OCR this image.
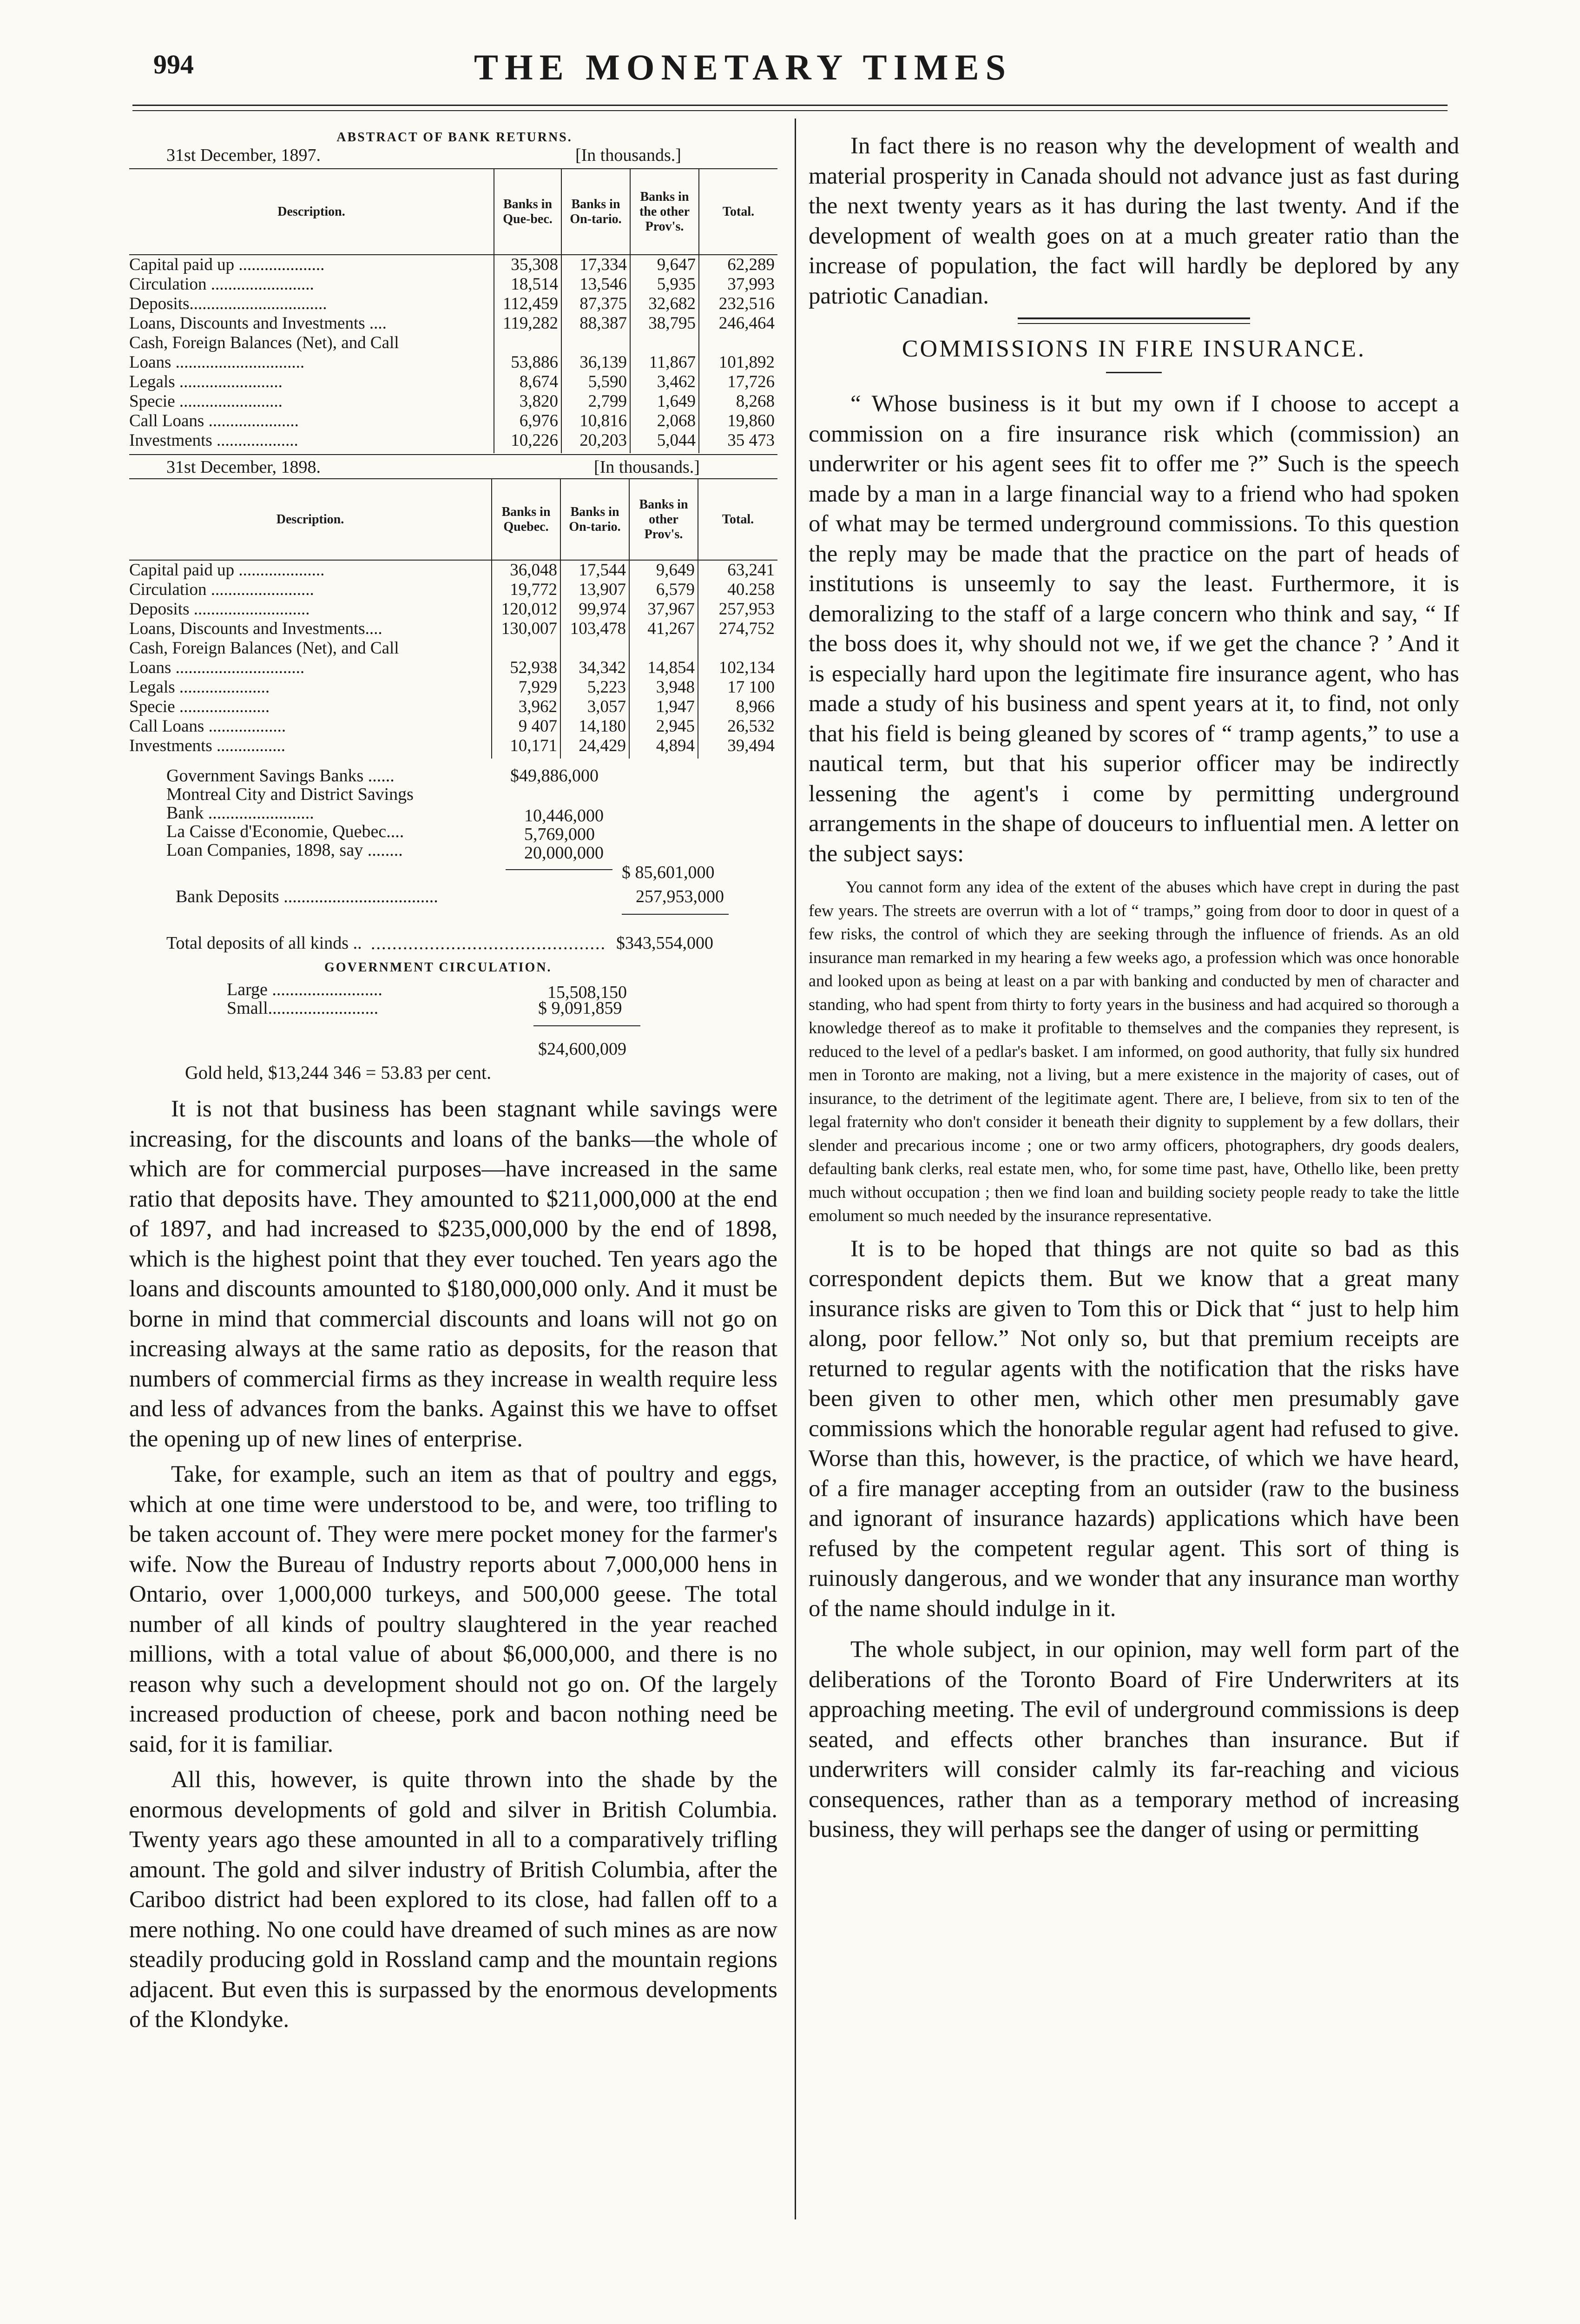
994	THE MONETARY TIMES
ABSTRACT OF BANK RETURNS.
31st December, 1897.	[In thousands.]
Description.	Banks in Que-bec.	Banks in On-tario.	Banks in the other Prov's.	Total.
Capital paid up ....................	35,308	17,334	9,647	62,289
Circulation ........................	18,514	13,546	5,935	37,993
Deposits................................	112,459	87,375	32,682	232,516
Loans, Discounts and Investments ....	119,282	88,387	38,795	246,464
Cash, Foreign Balances (Net), and Call				
Loans ..............................	53,886	36,139	11,867	101,892
Legals ........................	8,674	5,590	3,462	17,726
Specie ........................	3,820	2,799	1,649	8,268
Call Loans .....................	6,976	10,816	2,068	19,860
Investments ...................	10,226	20,203	5,044	35 473
31st December, 1898.	[In thousands.]
Description.	Banks in Quebec.	Banks in On-tario.	Banks in other Prov's.	Total.
Capital paid up ....................	36,048	17,544	9,649	63,241
Circulation ........................	19,772	13,907	6,579	40.258
Deposits ...........................	120,012	99,974	37,967	257,953
Loans, Discounts and Investments....	130,007	103,478	41,267	274,752
Cash, Foreign Balances (Net), and Call				
Loans ..............................	52,938	34,342	14,854	102,134
Legals .....................	7,929	5,223	3,948	17 100
Specie .....................	3,962	3,057	1,947	8,966
Call Loans ..................	9 407	14,180	2,945	26,532
Investments ................	10,171	24,429	4,894	39,494
Government Savings Banks ......	$49,886,000
Montreal City and District Savings
Bank ........................	10,446,000
La Caisse d'Economie, Quebec....	5,769,000
Loan Companies, 1898, say ........	20,000,000
$ 85,601,000
Bank Deposits ...................................	257,953,000
Total deposits of all kinds .. ............................................ $343,554,000
GOVERNMENT CIRCULATION.
Large .........................	15,508,150
Small.........................	$ 9,091,859
$24,600,009
Gold held, $13,244 346 = 53.83 per cent.

It is not that business has been stagnant while savings were increasing, for the discounts and loans of the banks—the whole of which are for commercial purposes—have increased in the same ratio that deposits have. They amounted to $211,000,000 at the end of 1897, and had increased to $235,000,000 by the end of 1898, which is the highest point that they ever touched. Ten years ago the loans and discounts amounted to $180,000,000 only. And it must be borne in mind that commercial discounts and loans will not go on increasing always at the same ratio as deposits, for the reason that numbers of commercial firms as they increase in wealth require less and less of advances from the banks. Against this we have to offset the opening up of new lines of enterprise.

Take, for example, such an item as that of poultry and eggs, which at one time were understood to be, and were, too trifling to be taken account of. They were mere pocket money for the farmer's wife. Now the Bureau of Industry reports about 7,000,000 hens in Ontario, over 1,000,000 turkeys, and 500,000 geese. The total number of all kinds of poultry slaughtered in the year reached millions, with a total value of about $6,000,000, and there is no reason why such a development should not go on. Of the largely increased production of cheese, pork and bacon nothing need be said, for it is familiar.

All this, however, is quite thrown into the shade by the enormous developments of gold and silver in British Columbia. Twenty years ago these amounted in all to a comparatively trifling amount. The gold and silver industry of British Columbia, after the Cariboo district had been explored to its close, had fallen off to a mere nothing. No one could have dreamed of such mines as are now steadily producing gold in Rossland camp and the mountain regions adjacent. But even this is surpassed by the enormous developments of the Klondyke.

In fact there is no reason why the development of wealth and material prosperity in Canada should not advance just as fast during the next twenty years as it has during the last twenty. And if the development of wealth goes on at a much greater ratio than the increase of population, the fact will hardly be deplored by any patriotic Canadian.

COMMISSIONS IN FIRE INSURANCE.

“ Whose business is it but my own if I choose to accept a commission on a fire insurance risk which (commission) an underwriter or his agent sees fit to offer me ?” Such is the speech made by a man in a large financial way to a friend who had spoken of what may be termed underground commissions. To this question the reply may be made that the practice on the part of heads of institutions is unseemly to say the least. Furthermore, it is demoralizing to the staff of a large concern who think and say, “ If the boss does it, why should not we, if we get the chance ? ’ And it is especially hard upon the legitimate fire insurance agent, who has made a study of his business and spent years at it, to find, not only that his field is being gleaned by scores of “ tramp agents,” to use a nautical term, but that his superior officer may be indirectly lessening the agent's i come by permitting underground arrangements in the shape of douceurs to influential men. A letter on the subject says:

You cannot form any idea of the extent of the abuses which have crept in during the past few years. The streets are overrun with a lot of “ tramps,” going from door to door in quest of a few risks, the control of which they are seeking through the influence of friends. As an old insurance man remarked in my hearing a few weeks ago, a profession which was once honorable and looked upon as being at least on a par with banking and conducted by men of character and standing, who had spent from thirty to forty years in the business and had acquired so thorough a knowledge thereof as to make it profitable to themselves and the companies they represent, is reduced to the level of a pedlar's basket. I am informed, on good authority, that fully six hundred men in Toronto are making, not a living, but a mere existence in the majority of cases, out of insurance, to the detriment of the legitimate agent. There are, I believe, from six to ten of the legal fraternity who don't consider it beneath their dignity to supplement by a few dollars, their slender and precarious income ; one or two army officers, photographers, dry goods dealers, defaulting bank clerks, real estate men, who, for some time past, have, Othello like, been pretty much without occupation ; then we find loan and building society people ready to take the little emolument so much needed by the insurance representative.

It is to be hoped that things are not quite so bad as this correspondent depicts them. But we know that a great many insurance risks are given to Tom this or Dick that “ just to help him along, poor fellow.” Not only so, but that premium receipts are returned to regular agents with the notification that the risks have been given to other men, which other men presumably gave commissions which the honorable regular agent had refused to give. Worse than this, however, is the practice, of which we have heard, of a fire manager accepting from an outsider (raw to the business and ignorant of insurance hazards) applications which have been refused by the competent regular agent. This sort of thing is ruinously dangerous, and we wonder that any insurance man worthy of the name should indulge in it.

The whole subject, in our opinion, may well form part of the deliberations of the Toronto Board of Fire Underwriters at its approaching meeting. The evil of underground commissions is deep seated, and effects other branches than insurance. But if underwriters will consider calmly its far-reaching and vicious consequences, rather than as a temporary method of increasing business, they will perhaps see the danger of using or permitting
